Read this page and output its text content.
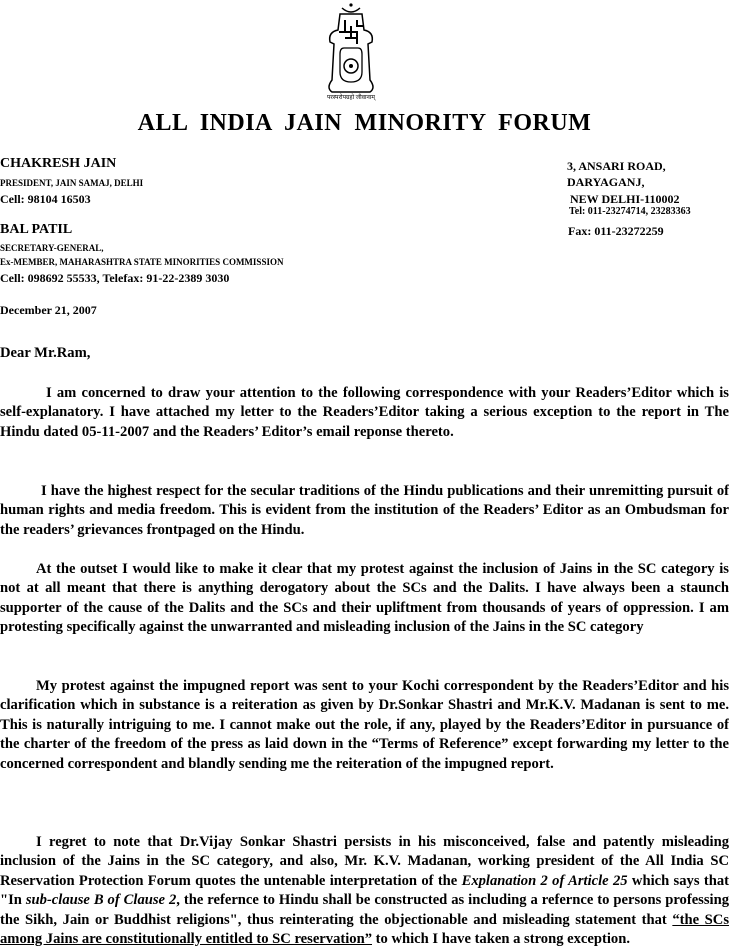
परस्परोपग्रहो जीवानाम्
ALL INDIA JAIN MINORITY FORUM
CHAKRESH JAIN
PRESIDENT, JAIN SAMAJ, DELHI
Cell: 98104 16503
BAL PATIL
SECRETARY-GENERAL,
Ex-MEMBER, MAHARASHTRA STATE MINORITIES COMMISSION
Cell: 098692 55533, Telefax: 91-22-2389 3030
3, ANSARI ROAD,
DARYAGANJ,
NEW DELHI-110002
Tel: 011-23274714, 23283363
Fax: 011-23272259
December 21, 2007
Dear Mr.Ram,

I am concerned to draw your attention to the following correspondence with your Readers’Editor which is self-explanatory. I have attached my letter to the Readers’Editor taking a serious exception to the report in The Hindu dated 05-11-2007 and the Readers’ Editor’s email reponse thereto.

I have the highest respect for the secular traditions of the Hindu publications and their unremitting pursuit of human rights and media freedom. This is evident from the institution of the Readers’ Editor as an Ombudsman for the readers’ grievances frontpaged on the Hindu.

At the outset I would like to make it clear that my protest against the inclusion of Jains in the SC category is not at all meant that there is anything derogatory about the SCs and the Dalits. I have always been a staunch supporter of the cause of the Dalits and the SCs and their upliftment from thousands of years of oppression. I am protesting specifically against the unwarranted and misleading inclusion of the Jains in the SC category

My protest against the impugned report was sent to your Kochi correspondent by the Readers’Editor and his clarification which in substance is a reiteration as given by Dr.Sonkar Shastri and Mr.K.V. Madanan is sent to me. This is naturally intriguing to me. I cannot make out the role, if any, played by the Readers’Editor in pursuance of the charter of the freedom of the press as laid down in the “Terms of Reference” except forwarding my letter to the concerned correspondent and blandly sending me the reiteration of the impugned report.

I regret to note that Dr.Vijay Sonkar Shastri persists in his misconceived, false and patently misleading inclusion of the Jains in the SC category, and also, Mr. K.V. Madanan, working president of the All India SC Reservation Protection Forum quotes the untenable interpretation of the Explanation 2 of Article 25 which says that "In sub-clause B of Clause 2, the refernce to Hindu shall be constructed as including a refernce to persons professing the Sikh, Jain or Buddhist religions", thus reinterating the objectionable and misleading statement that “the SCs among Jains are constitutionally entitled to SC reservation” to which I have taken a strong exception.
